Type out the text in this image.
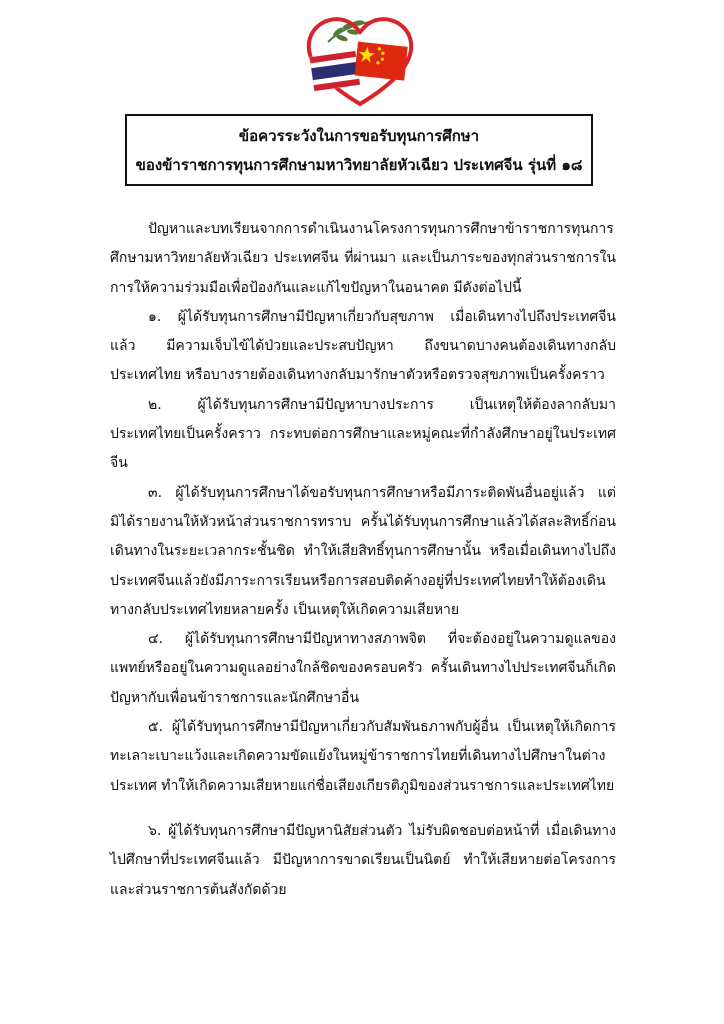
ข้อควรระวังในการขอรับทุนการศึกษา
ของข้าราชการทุนการศึกษามหาวิทยาลัยหัวเฉียว ประเทศจีน รุ่นที่ ๑๘

ปัญหาและบทเรียนจากการดำเนินงานโครงการทุนการศึกษาข้าราชการทุนการศึกษามหาวิทยาลัยหัวเฉียว ประเทศจีน ที่ผ่านมา และเป็นภาระของทุกส่วนราชการในการให้ความร่วมมือเพื่อป้องกันและแก้ไขปัญหาในอนาคต มีดังต่อไปนี้

๑. ผู้ได้รับทุนการศึกษามีปัญหาเกี่ยวกับสุขภาพ เมื่อเดินทางไปถึงประเทศจีนแล้ว มีความเจ็บไข้ได้ป่วยและประสบปัญหา ถึงขนาดบางคนต้องเดินทางกลับประเทศไทย หรือบางรายต้องเดินทางกลับมารักษาตัวหรือตรวจสุขภาพเป็นครั้งคราว

๒. ผู้ได้รับทุนการศึกษามีปัญหาบางประการ เป็นเหตุให้ต้องลากลับมาประเทศไทยเป็นครั้งคราว กระทบต่อการศึกษาและหมู่คณะที่กำลังศึกษาอยู่ในประเทศจีน

๓. ผู้ได้รับทุนการศึกษาได้ขอรับทุนการศึกษาหรือมีภาระติดพันอื่นอยู่แล้ว แต่มิได้รายงานให้หัวหน้าส่วนราชการทราบ ครั้นได้รับทุนการศึกษาแล้วได้สละสิทธิ์ก่อนเดินทางในระยะเวลากระชั้นชิด ทำให้เสียสิทธิ์ทุนการศึกษานั้น หรือเมื่อเดินทางไปถึงประเทศจีนแล้วยังมีภาระการเรียนหรือการสอบติดค้างอยู่ที่ประเทศไทยทำให้ต้องเดินทางกลับประเทศไทยหลายครั้ง เป็นเหตุให้เกิดความเสียหาย

๔. ผู้ได้รับทุนการศึกษามีปัญหาทางสภาพจิต ที่จะต้องอยู่ในความดูแลของแพทย์หรืออยู่ในความดูแลอย่างใกล้ชิดของครอบครัว ครั้นเดินทางไปประเทศจีนก็เกิดปัญหากับเพื่อนข้าราชการและนักศึกษาอื่น

๕. ผู้ได้รับทุนการศึกษามีปัญหาเกี่ยวกับสัมพันธภาพกับผู้อื่น เป็นเหตุให้เกิดการทะเลาะเบาะแว้งและเกิดความขัดแย้งในหมู่ข้าราชการไทยที่เดินทางไปศึกษาในต่างประเทศ ทำให้เกิดความเสียหายแก่ชื่อเสียงเกียรติภูมิของส่วนราชการและประเทศไทย

๖. ผู้ได้รับทุนการศึกษามีปัญหานิสัยส่วนตัว ไม่รับผิดชอบต่อหน้าที่ เมื่อเดินทางไปศึกษาที่ประเทศจีนแล้ว มีปัญหาการขาดเรียนเป็นนิตย์ ทำให้เสียหายต่อโครงการและส่วนราชการต้นสังกัดด้วย
